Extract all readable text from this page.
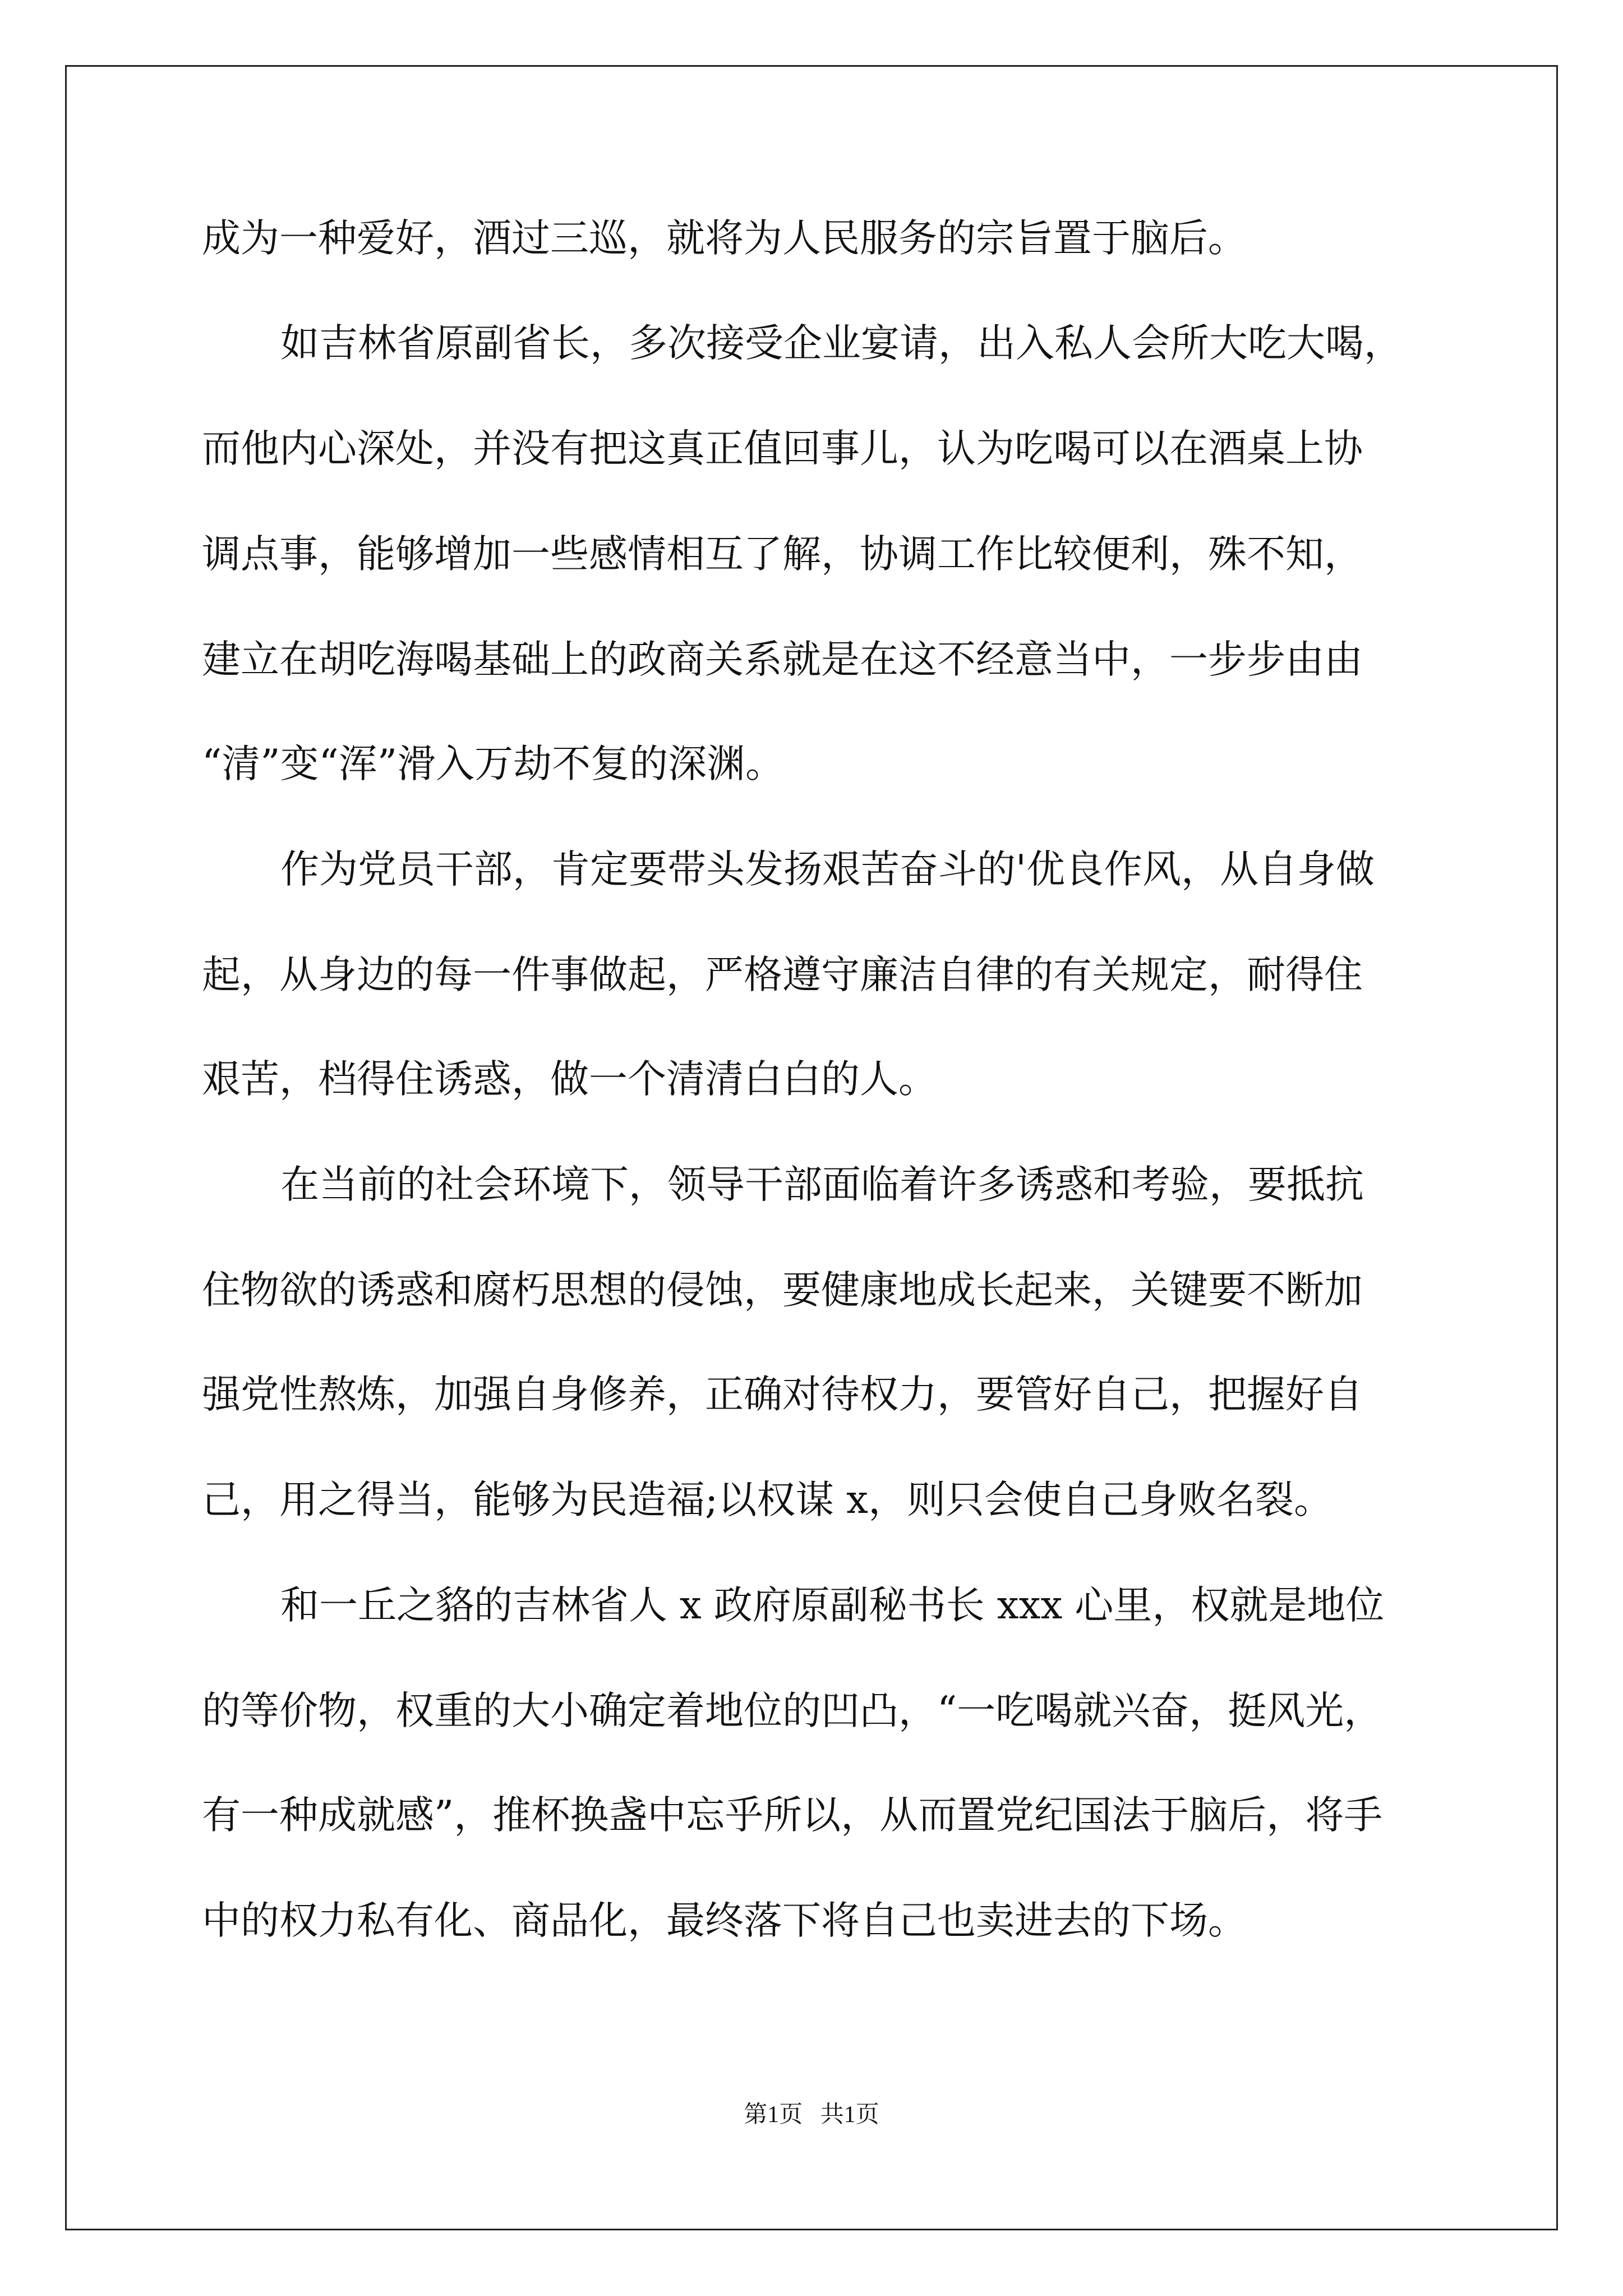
成为一种爱好，酒过三巡，就将为人民服务的宗旨置于脑后。
如吉林省原副省长，多次接受企业宴请，出入私人会所大吃大喝，
而他内心深处，并没有把这真正值回事儿，认为吃喝可以在酒桌上协
调点事，能够增加一些感情相互了解，协调工作比较便利，殊不知，
建立在胡吃海喝基础上的政商关系就是在这不经意当中，一步步由由
“清”变“浑”滑入万劫不复的深渊。
作为党员干部，肯定要带头发扬艰苦奋斗的'优良作风，从自身做
起，从身边的每一件事做起，严格遵守廉洁自律的有关规定，耐得住
艰苦，档得住诱惑，做一个清清白白的人。
在当前的社会环境下，领导干部面临着许多诱惑和考验，要抵抗
住物欲的诱惑和腐朽思想的侵蚀，要健康地成长起来，关键要不断加
强党性熬炼，加强自身修养，正确对待权力，要管好自己，把握好自
己，用之得当，能够为民造福;以权谋 x，则只会使自己身败名裂。
和一丘之貉的吉林省人 x 政府原副秘书长 xxx 心里，权就是地位
的等价物，权重的大小确定着地位的凹凸，“一吃喝就兴奋，挺风光，
有一种成就感”，推杯换盏中忘乎所以，从而置党纪国法于脑后，将手
中的权力私有化、商品化，最终落下将自己也卖进去的下场。
第1页   共1页
